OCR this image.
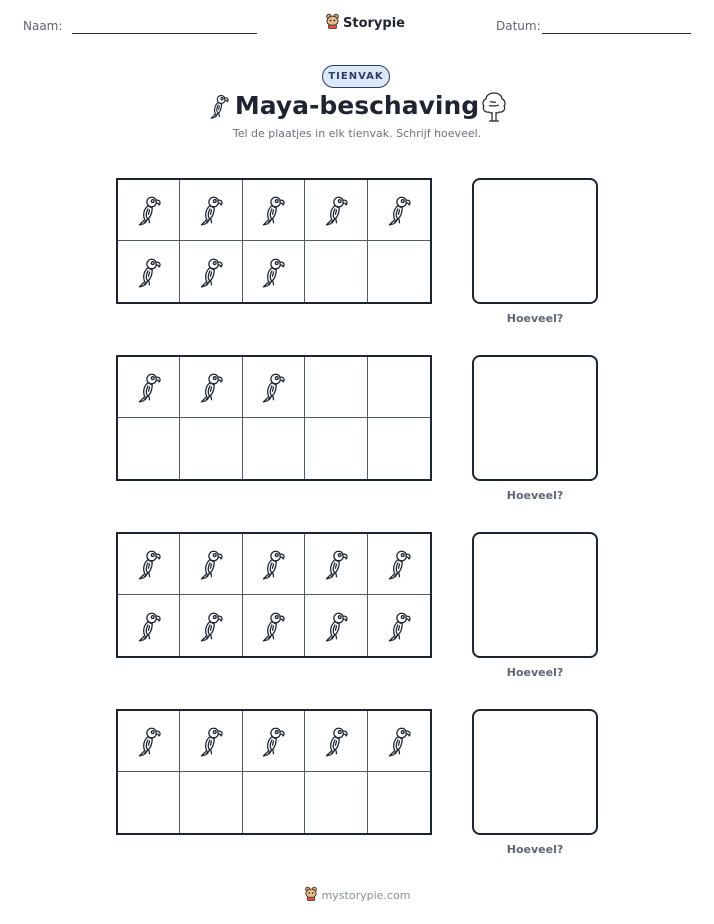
Naam:	Storypie	Datum:
TIENVAK
Maya-beschaving
Tel de plaatjes in elk tienvak. Schrijf hoeveel.
Hoeveel?
Hoeveel?
Hoeveel?
Hoeveel?
mystorypie.com
